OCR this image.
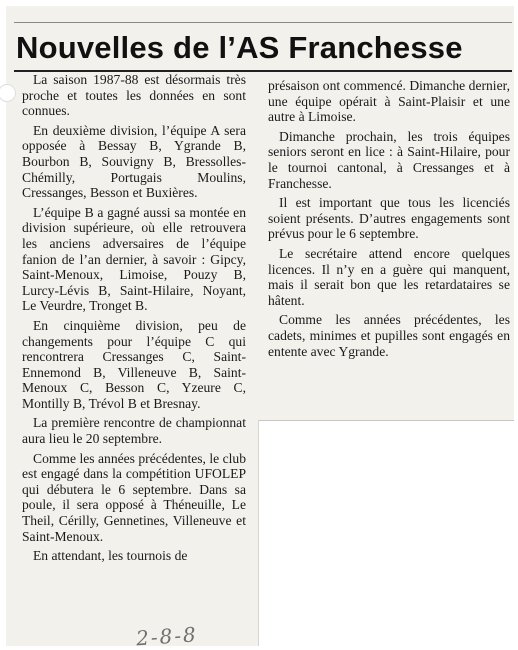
Nouvelles de l’AS Franchesse

La saison 1987-88 est désormais très proche et toutes les données en sont connues.

En deuxième division, l’équipe A sera opposée à Bessay B, Ygrande B, Bourbon B, Souvigny B, Bressolles-Chémilly, Portugais Moulins, Cressanges, Besson et Buxières.

L’équipe B a gagné aussi sa montée en division supérieure, où elle retrouvera les anciens adversaires de l’équipe fanion de l’an dernier, à savoir : Gipcy, Saint-Menoux, Limoise, Pouzy B, Lurcy-Lévis B, Saint-Hilaire, Noyant, Le Veurdre, Tronget B.

En cinquième division, peu de changements pour l’équipe C qui rencontrera Cressanges C, Saint-Ennemond B, Villeneuve B, Saint-Menoux C, Besson C, Yzeure C, Montilly B, Trévol B et Bresnay.

La première rencontre de championnat aura lieu le 20 septembre.

Comme les années précédentes, le club est engagé dans la compétition UFOLEP qui débutera le 6 septembre. Dans sa poule, il sera opposé à Théneuille, Le Theil, Cérilly, Gennetines, Villeneuve et Saint-Menoux.

En attendant, les tournois de

présaison ont commencé. Dimanche dernier, une équipe opérait à Saint-Plaisir et une autre à Limoise.

Dimanche prochain, les trois équipes seniors seront en lice : à Saint-Hilaire, pour le tournoi cantonal, à Cressanges et à Franchesse.

Il est important que tous les licenciés soient présents. D’autres engagements sont prévus pour le 6 septembre.

Le secrétaire attend encore quelques licences. Il n’y en a guère qui manquent, mais il serait bon que les retardataires se hâtent.

Comme les années précédentes, les cadets, minimes et pupilles sont engagés en entente avec Ygrande.

2-8-8
